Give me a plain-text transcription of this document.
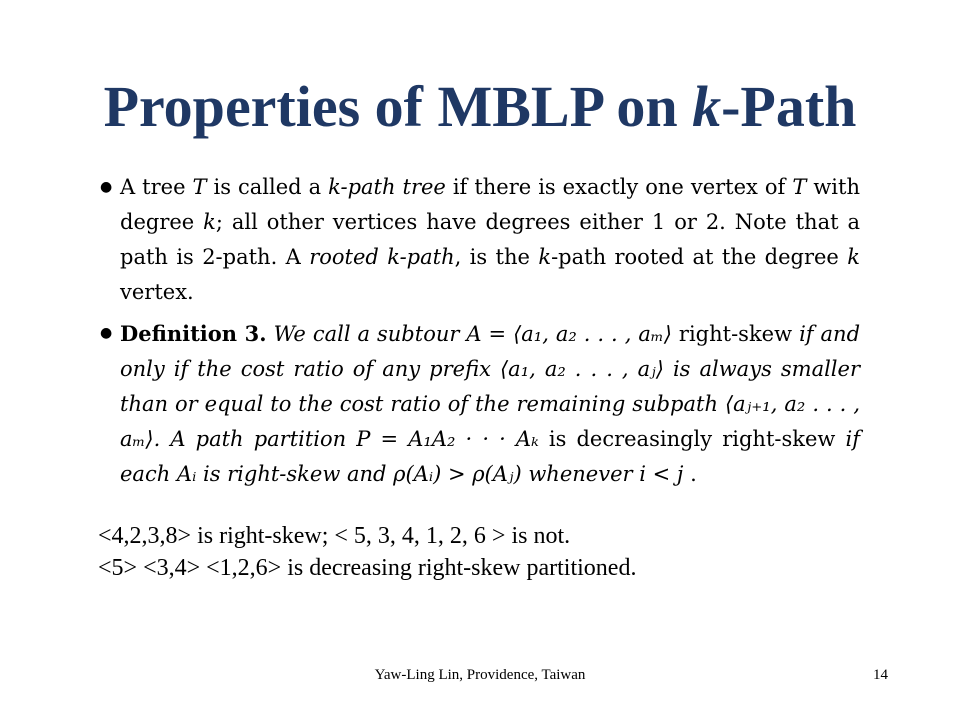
Properties of MBLP on k-Path
● A tree T is called a k-path tree if there is exactly one vertex of T with degree k; all other vertices have degrees either 1 or 2. Note that a path is 2-path. A rooted k-path, is the k-path rooted at the degree k vertex.
● Definition 3. We call a subtour A = ⟨a₁, a₂ . . . , aₘ⟩ right-skew if and only if the cost ratio of any prefix ⟨a₁, a₂ . . . , aⱼ⟩ is always smaller than or equal to the cost ratio of the remaining subpath ⟨aⱼ₊₁, a₂ . . . , aₘ⟩. A path partition P = A₁A₂ · · · Aₖ is decreasingly right-skew if each Aᵢ is right-skew and ρ(Aᵢ) > ρ(Aⱼ) whenever i < j .
<4,2,3,8> is right-skew; < 5, 3, 4, 1, 2, 6 > is not.
<5> <3,4> <1,2,6> is decreasing right-skew partitioned.
Yaw-Ling Lin, Providence, Taiwan	14
